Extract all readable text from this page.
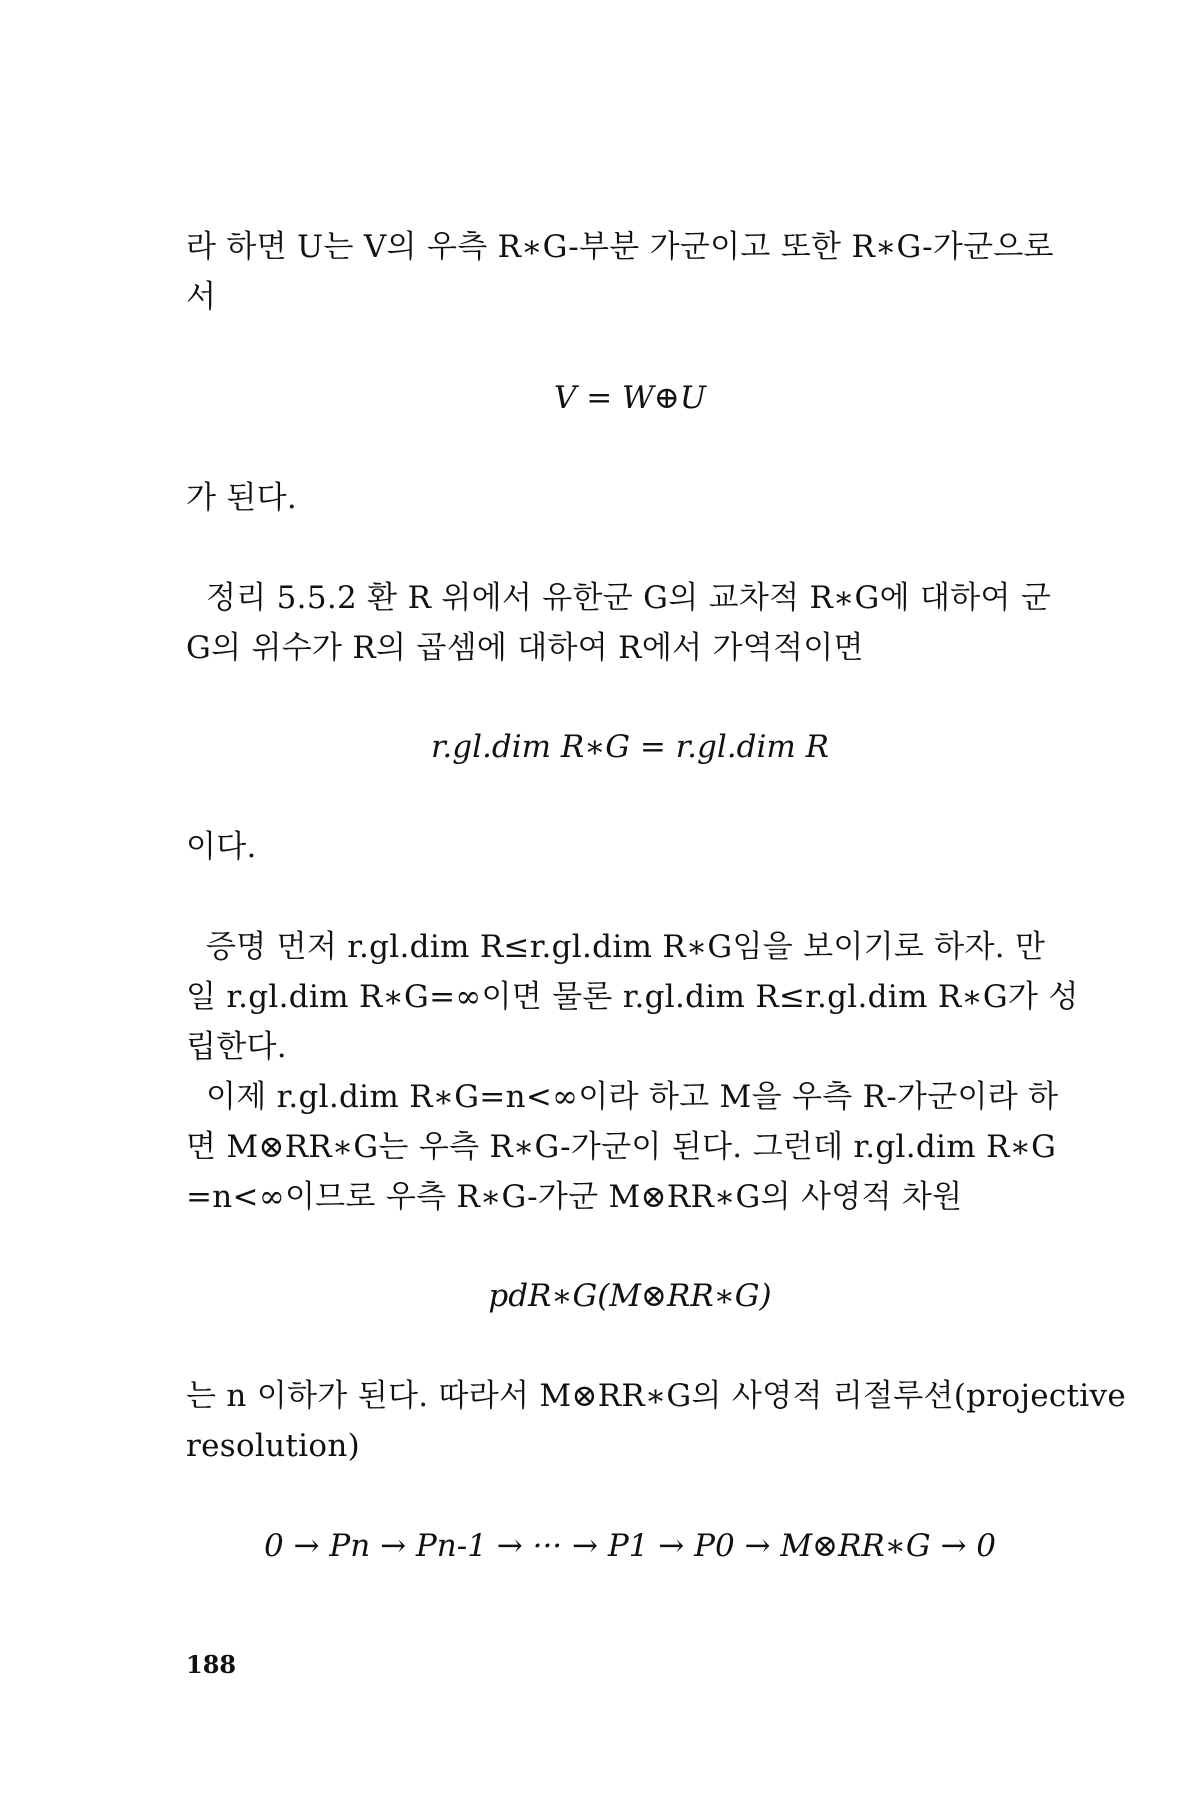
라 하면 U는 V의 우측 R∗G-부분 가군이고 또한 R∗G-가군으로
서
V = W⊕U
가 된다.
정리 5.5.2 환 R 위에서 유한군 G의 교차적 R∗G에 대하여 군
G의 위수가 R의 곱셈에 대하여 R에서 가역적이면
r.gl.dim R∗G = r.gl.dim R
이다.
증명 먼저 r.gl.dim R≤r.gl.dim R∗G임을 보이기로 하자. 만
일 r.gl.dim R∗G=∞이면 물론 r.gl.dim R≤r.gl.dim R∗G가 성
립한다.
이제 r.gl.dim R∗G=n<∞이라 하고 M을 우측 R-가군이라 하
면 M⊗RR∗G는 우측 R∗G-가군이 된다. 그런데 r.gl.dim R∗G
=n<∞이므로 우측 R∗G-가군 M⊗RR∗G의 사영적 차원
pdR∗G(M⊗RR∗G)
는 n 이하가 된다. 따라서 M⊗RR∗G의 사영적 리절루션(projective
resolution)
0 → Pn → Pn-1 → ··· → P1 → P0 → M⊗RR∗G → 0
188
